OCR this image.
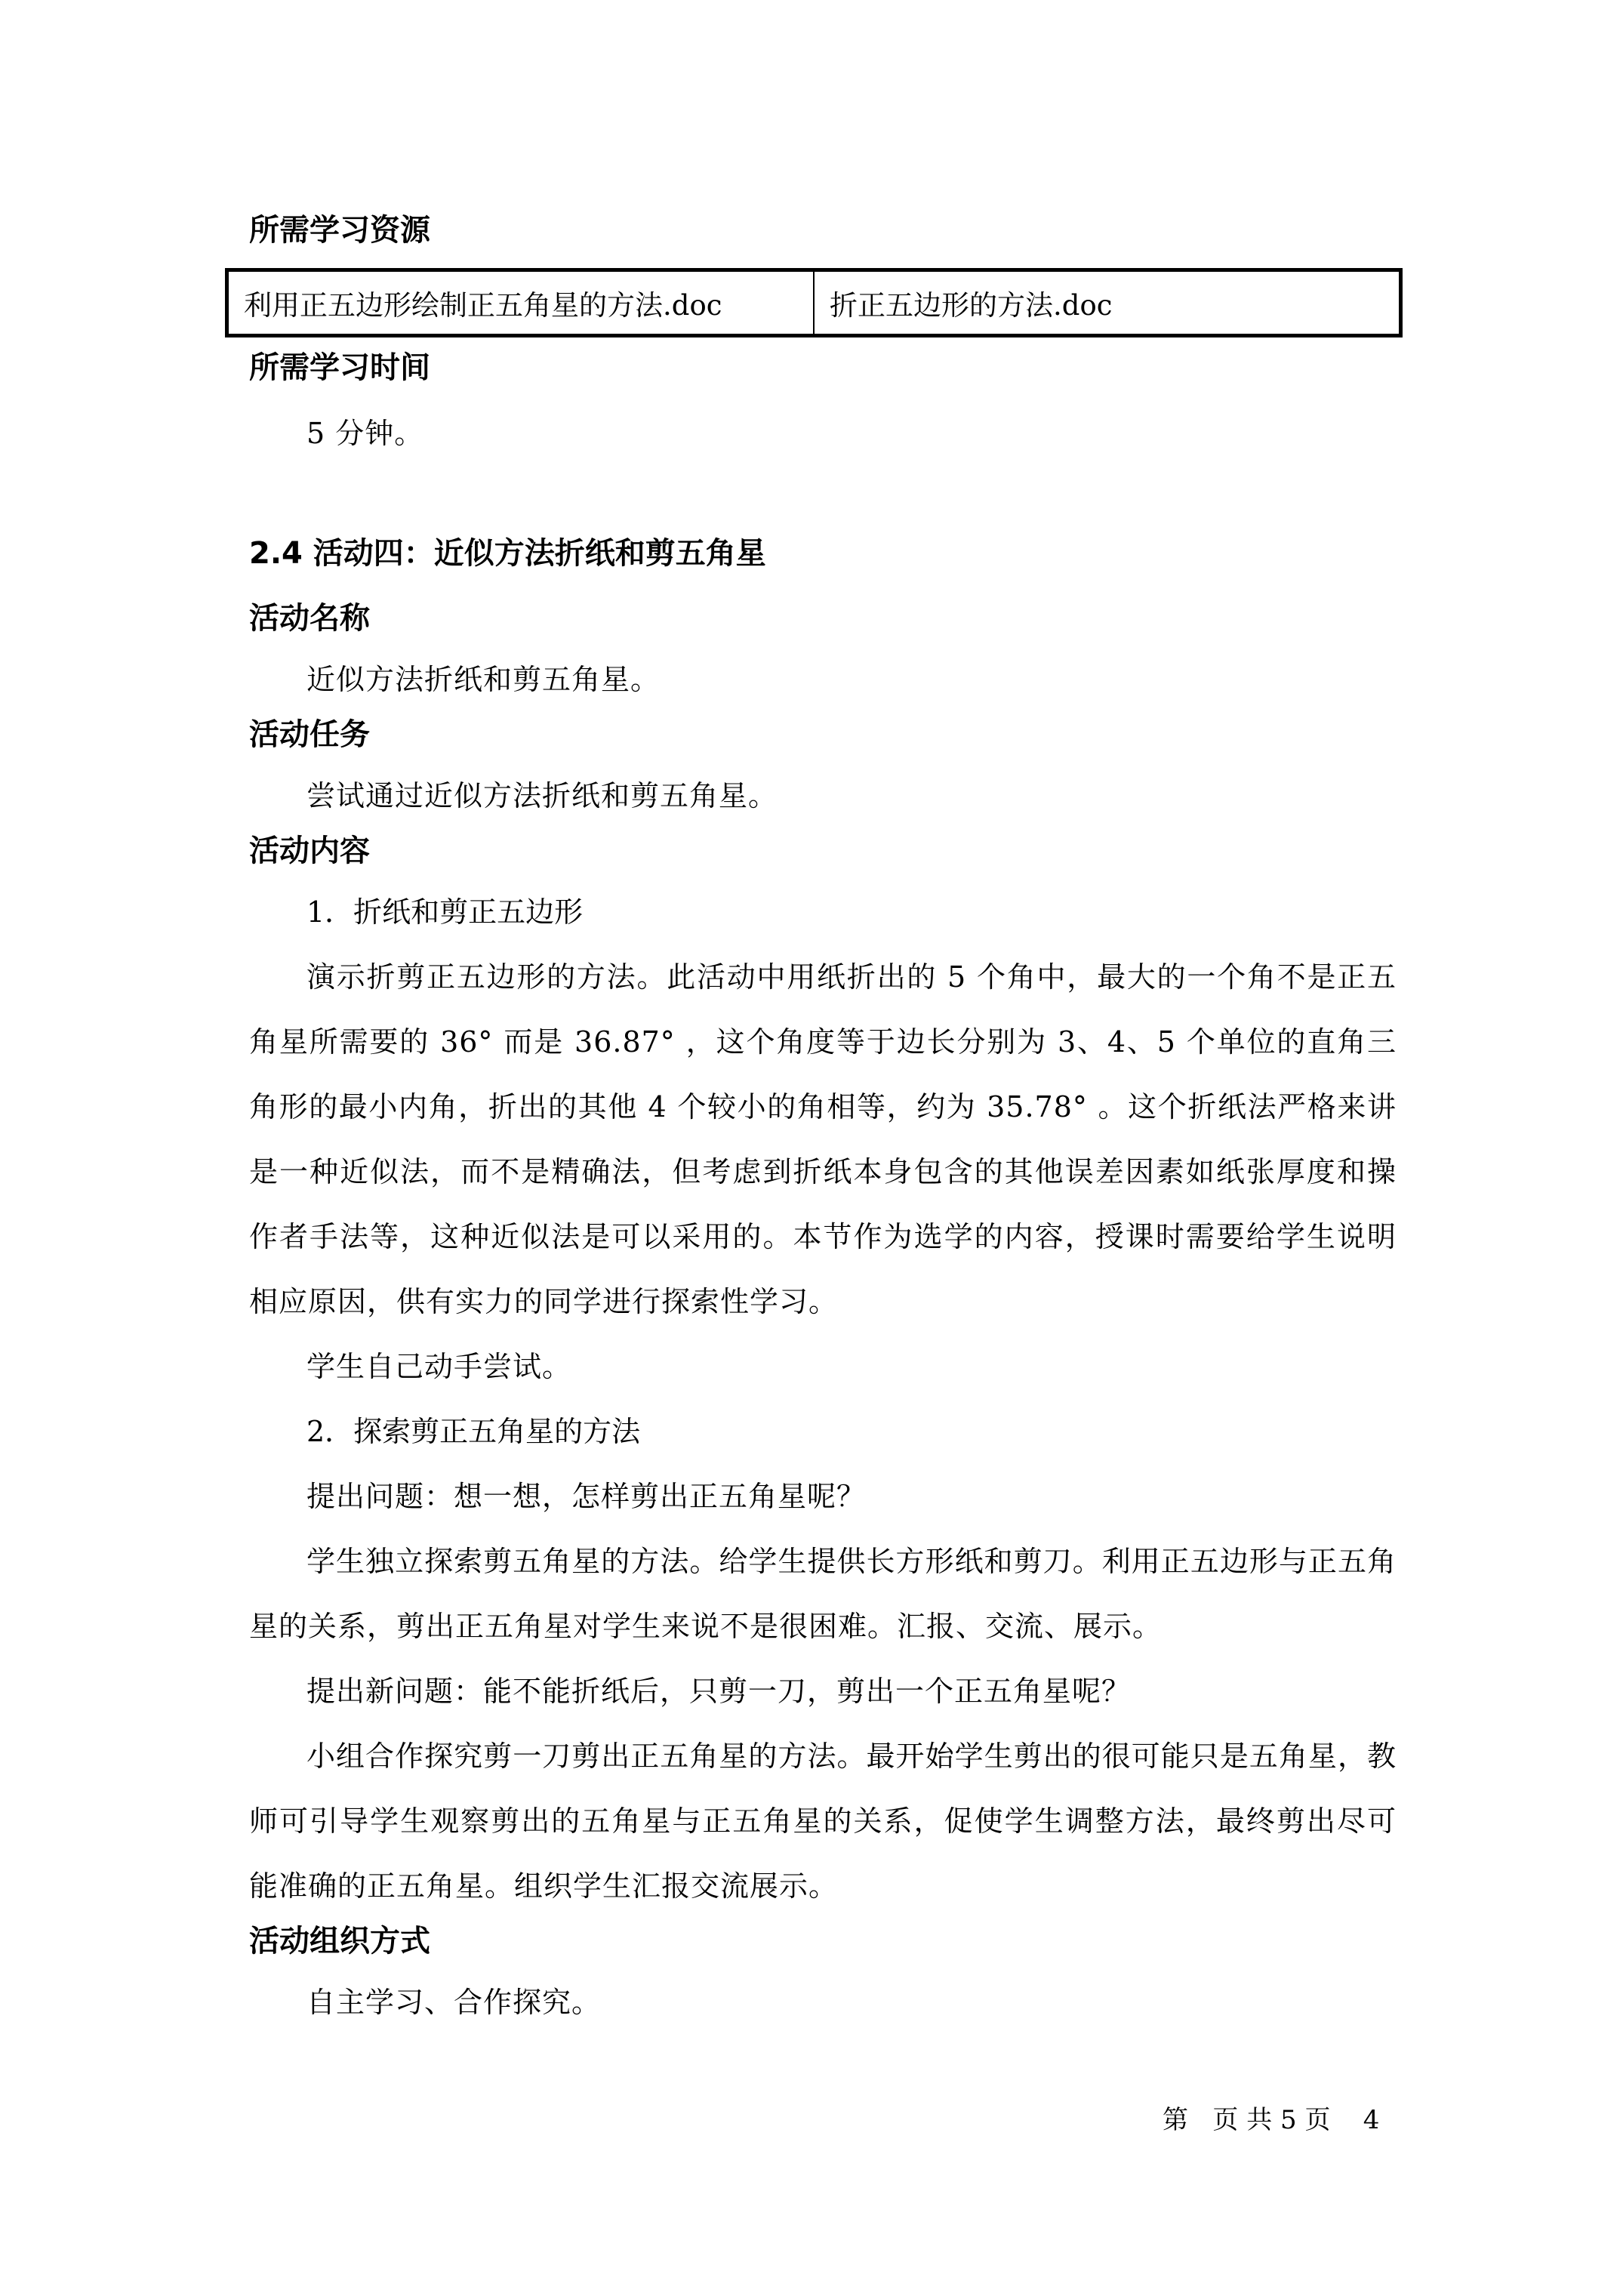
所需学习资源

利用正五边形绘制正五角星的方法.doc	折正五边形的方法.doc

所需学习时间

5 分钟。

2.4 活动四：近似方法折纸和剪五角星

活动名称

近似方法折纸和剪五角星。

活动任务

尝试通过近似方法折纸和剪五角星。

活动内容

1．折纸和剪正五边形

演示折剪正五边形的方法。此活动中用纸折出的 5 个角中，最大的一个角不是正五角星所需要的 36° 而是 36.87° ，这个角度等于边长分别为 3、4、5 个单位的直角三角形的最小内角，折出的其他 4 个较小的角相等，约为 35.78° 。这个折纸法严格来讲是一种近似法，而不是精确法，但考虑到折纸本身包含的其他误差因素如纸张厚度和操作者手法等，这种近似法是可以采用的。本节作为选学的内容，授课时需要给学生说明相应原因，供有实力的同学进行探索性学习。

学生自己动手尝试。

2．探索剪正五角星的方法

提出问题：想一想，怎样剪出正五角星呢？

学生独立探索剪五角星的方法。给学生提供长方形纸和剪刀。利用正五边形与正五角星的关系，剪出正五角星对学生来说不是很困难。汇报、交流、展示。

提出新问题：能不能折纸后，只剪一刀，剪出一个正五角星呢？

小组合作探究剪一刀剪出正五角星的方法。最开始学生剪出的很可能只是五角星，教师可引导学生观察剪出的五角星与正五角星的关系，促使学生调整方法，最终剪出尽可能准确的正五角星。组织学生汇报交流展示。

活动组织方式

自主学习、合作探究。

第   页 共 5 页    4
